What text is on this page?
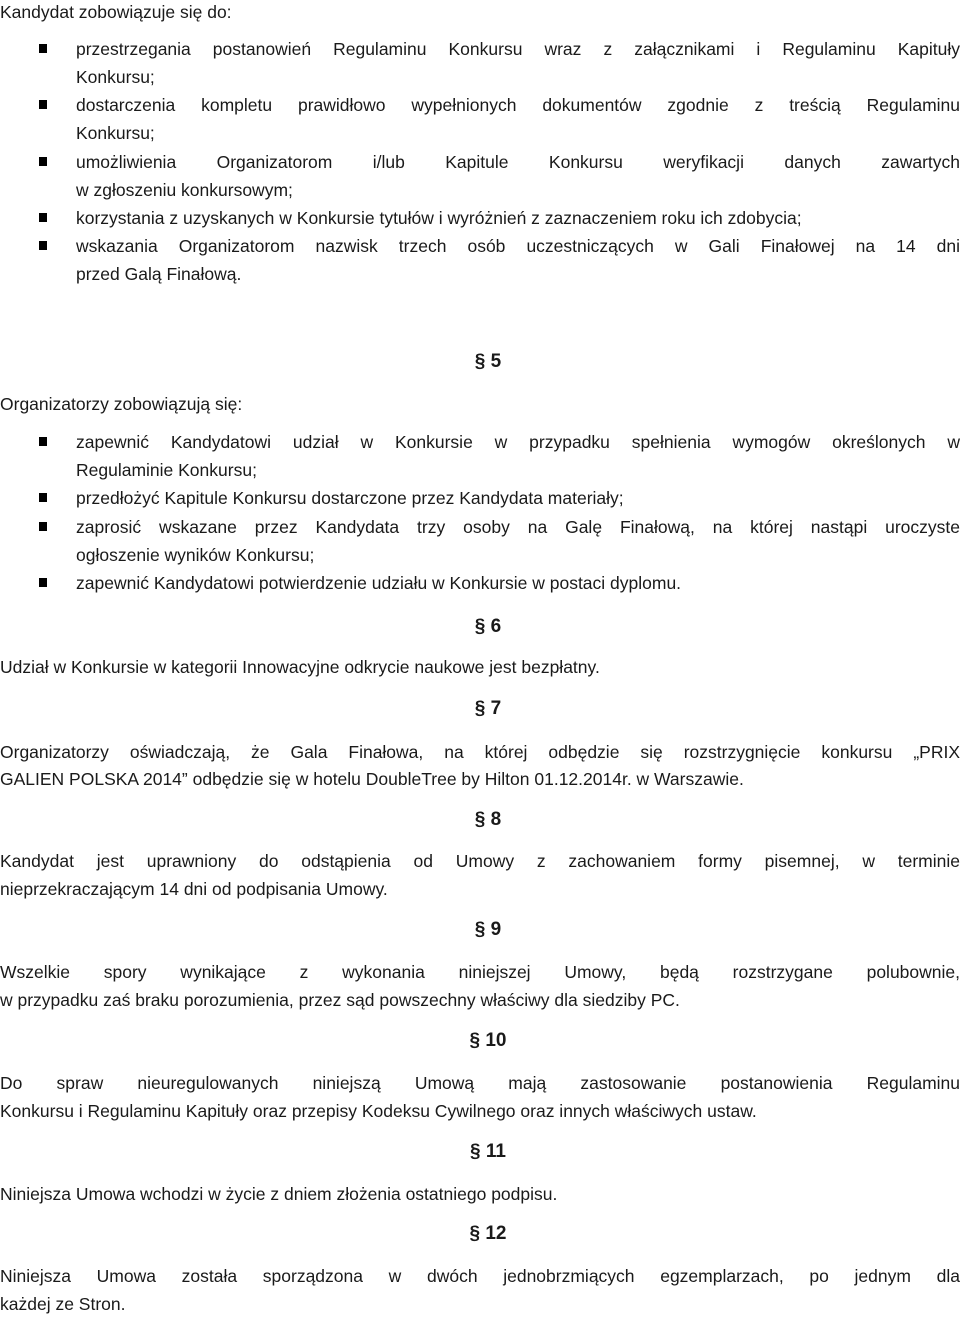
Kandydat zobowiązuje się do:
przestrzegania postanowień Regulaminu Konkursu wraz z załącznikami i Regulaminu Kapituły
Konkursu;
dostarczenia kompletu prawidłowo wypełnionych dokumentów zgodnie z treścią Regulaminu
Konkursu;
umożliwienia Organizatorom i/lub Kapitule Konkursu weryfikacji danych zawartych
w zgłoszeniu konkursowym;
korzystania z uzyskanych w Konkursie tytułów i wyróżnień z zaznaczeniem roku ich zdobycia;
wskazania Organizatorom nazwisk trzech osób uczestniczących w Gali Finałowej na 14 dni
przed Galą Finałową.
§ 5
Organizatorzy zobowiązują się:
zapewnić Kandydatowi udział w Konkursie w przypadku spełnienia wymogów określonych w
Regulaminie Konkursu;
przedłożyć Kapitule Konkursu dostarczone przez Kandydata materiały;
zaprosić wskazane przez Kandydata trzy osoby na Galę Finałową, na której nastąpi uroczyste
ogłoszenie wyników Konkursu;
zapewnić Kandydatowi potwierdzenie udziału w Konkursie w postaci dyplomu.
§ 6
Udział w Konkursie w kategorii Innowacyjne odkrycie naukowe jest bezpłatny.
§ 7
Organizatorzy oświadczają, że Gala Finałowa, na której odbędzie się rozstrzygnięcie konkursu „PRIX
GALIEN POLSKA 2014” odbędzie się w hotelu DoubleTree by Hilton 01.12.2014r. w Warszawie.
§ 8
Kandydat jest uprawniony do odstąpienia od Umowy z zachowaniem formy pisemnej, w terminie
nieprzekraczającym 14 dni od podpisania Umowy.
§ 9
Wszelkie spory wynikające z wykonania niniejszej Umowy, będą rozstrzygane polubownie,
w przypadku zaś braku porozumienia, przez sąd powszechny właściwy dla siedziby PC.
§ 10
Do spraw nieuregulowanych niniejszą Umową mają zastosowanie postanowienia Regulaminu
Konkursu i Regulaminu Kapituły oraz przepisy Kodeksu Cywilnego oraz innych właściwych ustaw.
§ 11
Niniejsza Umowa wchodzi w życie z dniem złożenia ostatniego podpisu.
§ 12
Niniejsza Umowa została sporządzona w dwóch jednobrzmiących egzemplarzach, po jednym dla
każdej ze Stron.
